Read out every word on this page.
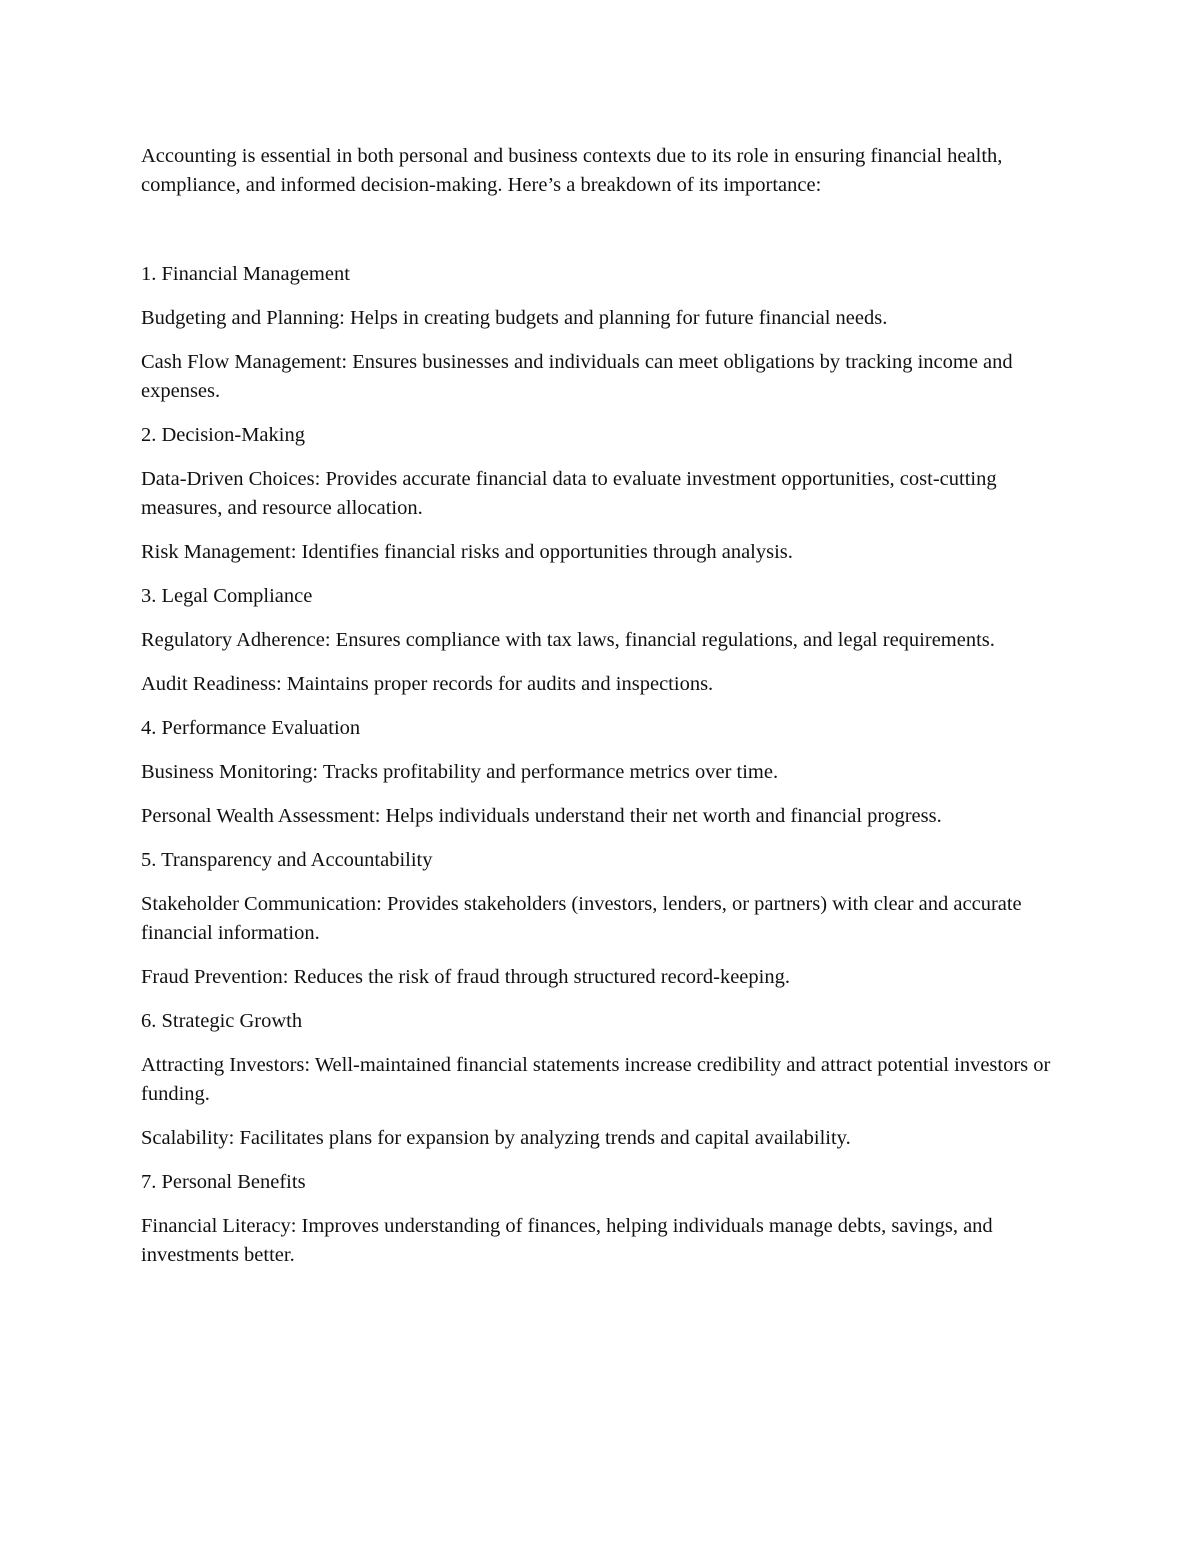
Accounting is essential in both personal and business contexts due to its role in ensuring financial health, compliance, and informed decision-making. Here’s a breakdown of its importance:

1. Financial Management

Budgeting and Planning: Helps in creating budgets and planning for future financial needs.

Cash Flow Management: Ensures businesses and individuals can meet obligations by tracking income and expenses.

2. Decision-Making

Data-Driven Choices: Provides accurate financial data to evaluate investment opportunities, cost-cutting measures, and resource allocation.

Risk Management: Identifies financial risks and opportunities through analysis.

3. Legal Compliance

Regulatory Adherence: Ensures compliance with tax laws, financial regulations, and legal requirements.

Audit Readiness: Maintains proper records for audits and inspections.

4. Performance Evaluation

Business Monitoring: Tracks profitability and performance metrics over time.

Personal Wealth Assessment: Helps individuals understand their net worth and financial progress.

5. Transparency and Accountability

Stakeholder Communication: Provides stakeholders (investors, lenders, or partners) with clear and accurate financial information.

Fraud Prevention: Reduces the risk of fraud through structured record-keeping.

6. Strategic Growth

Attracting Investors: Well-maintained financial statements increase credibility and attract potential investors or funding.

Scalability: Facilitates plans for expansion by analyzing trends and capital availability.

7. Personal Benefits

Financial Literacy: Improves understanding of finances, helping individuals manage debts, savings, and investments better.
